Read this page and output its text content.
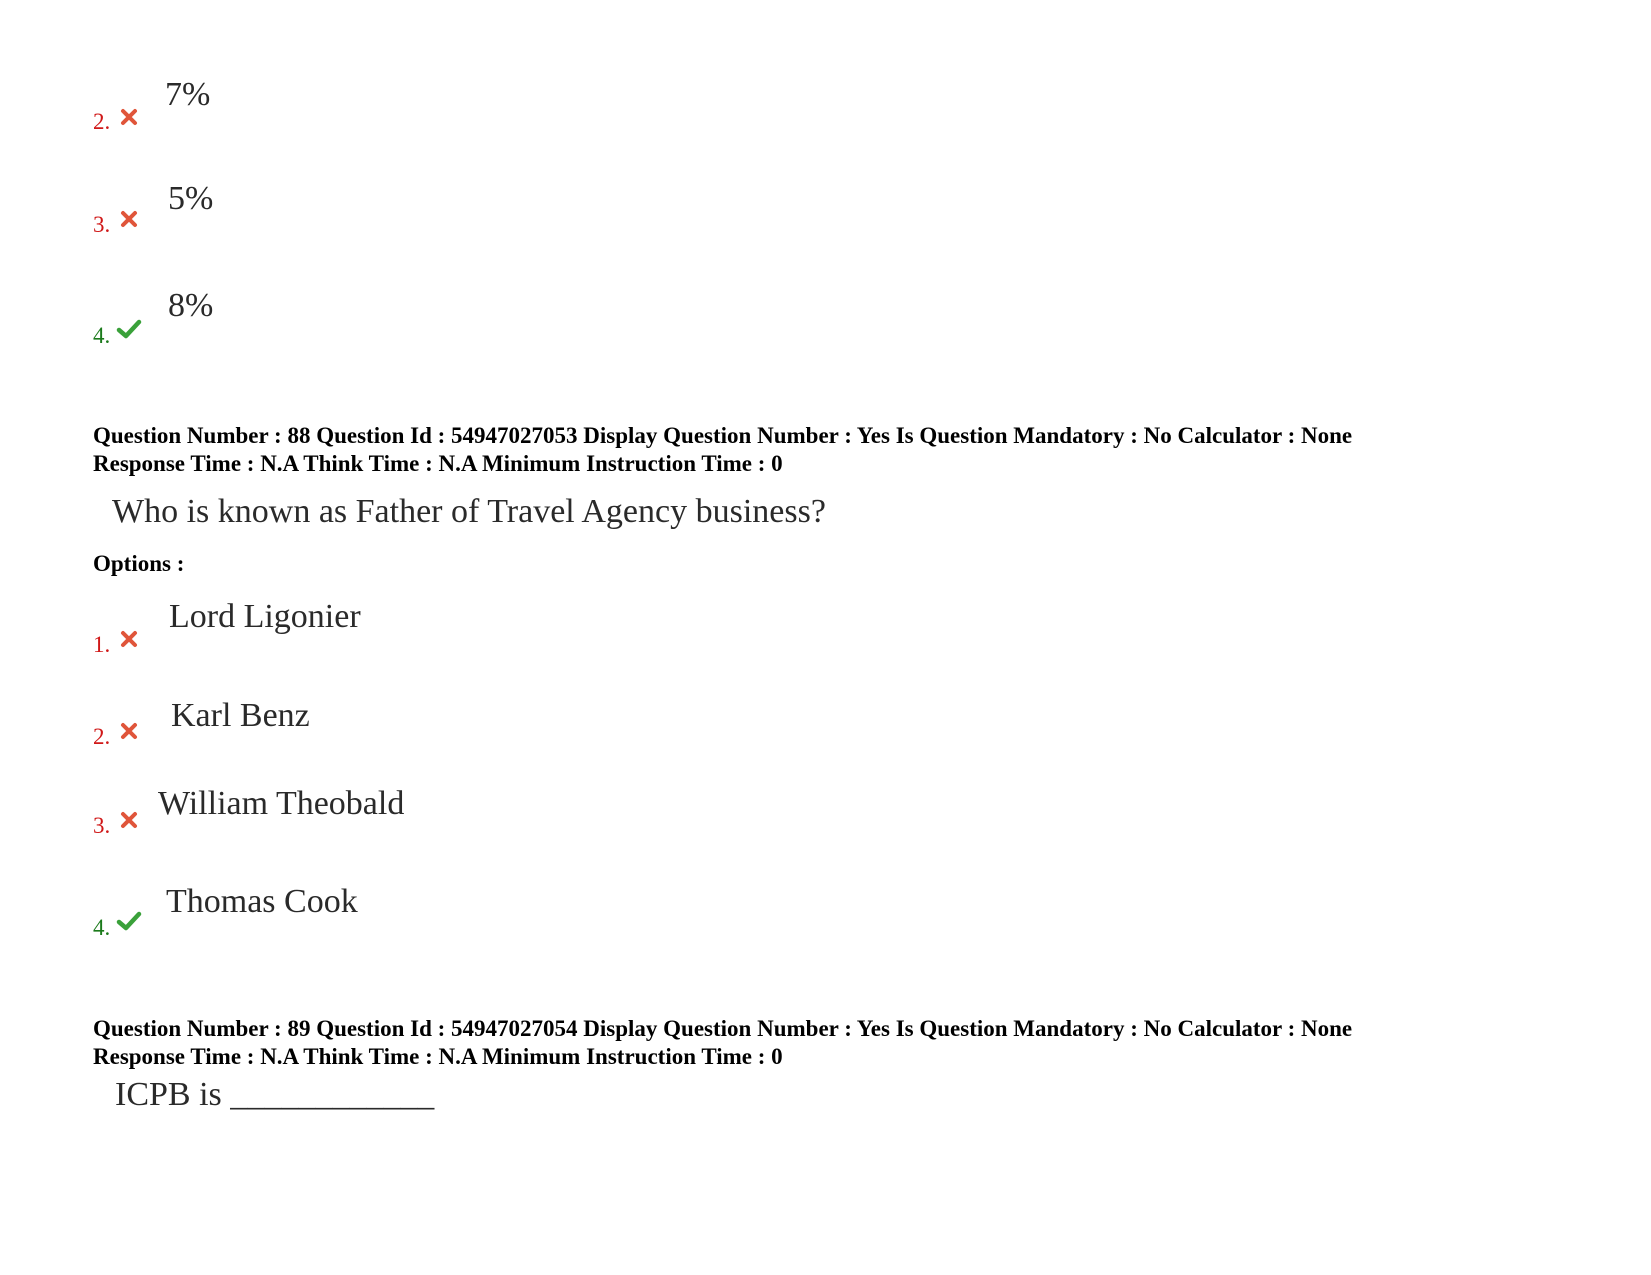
2.
7%
3.
5%
4.
8%
Question Number : 88 Question Id : 54947027053 Display Question Number : Yes Is Question Mandatory : No Calculator : None
Response Time : N.A Think Time : N.A Minimum Instruction Time : 0
Who is known as Father of Travel Agency business?
Options :
1.
Lord Ligonier
2.
Karl Benz
3.
William Theobald
4.
Thomas Cook
Question Number : 89 Question Id : 54947027054 Display Question Number : Yes Is Question Mandatory : No Calculator : None
Response Time : N.A Think Time : N.A Minimum Instruction Time : 0
ICPB is ____________
